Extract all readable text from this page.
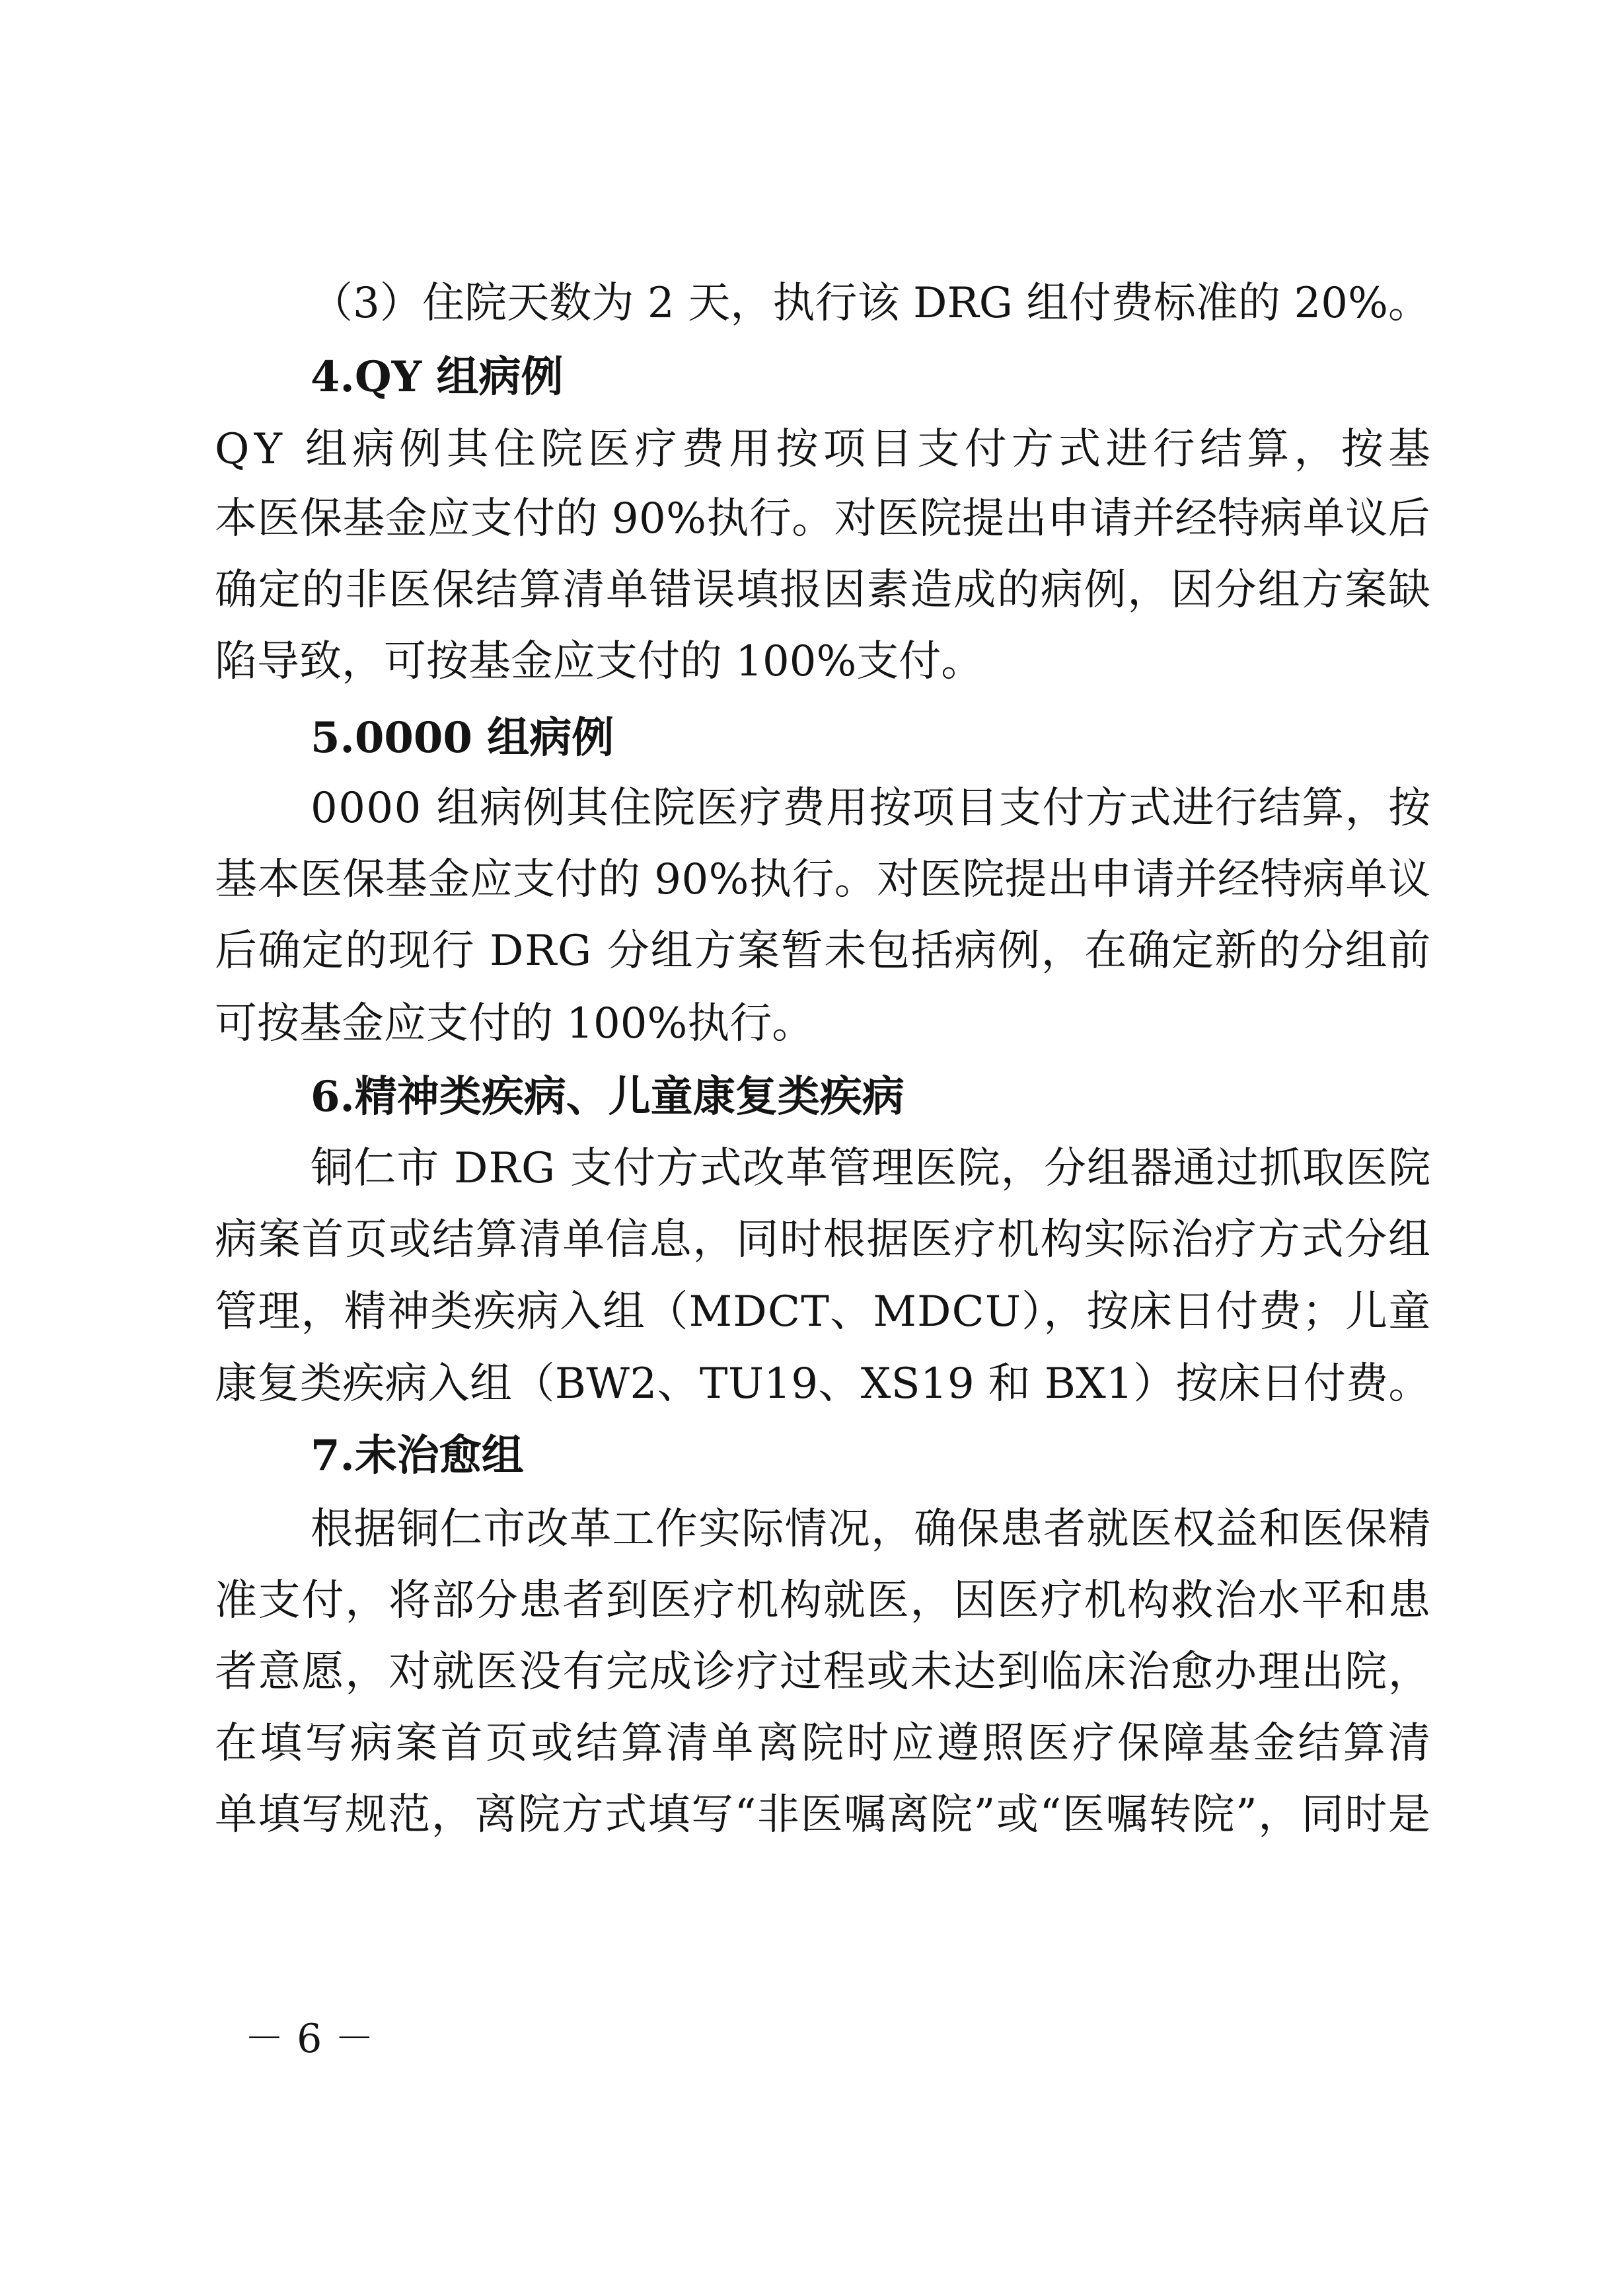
（3）住院天数为 2 天，执行该 DRG 组付费标准的 20%。

4.QY 组病例

QY 组病例其住院医疗费用按项目支付方式进行结算，按基

本医保基金应支付的 90%执行。对医院提出申请并经特病单议后

确定的非医保结算清单错误填报因素造成的病例，因分组方案缺

陷导致，可按基金应支付的 100%支付。

5.0000 组病例

0000 组病例其住院医疗费用按项目支付方式进行结算，按

基本医保基金应支付的 90%执行。对医院提出申请并经特病单议

后确定的现行 DRG 分组方案暂未包括病例，在确定新的分组前

可按基金应支付的 100%执行。

6.精神类疾病、儿童康复类疾病

铜仁市 DRG 支付方式改革管理医院，分组器通过抓取医院

病案首页或结算清单信息，同时根据医疗机构实际治疗方式分组

管理，精神类疾病入组（MDCT、MDCU），按床日付费；儿童

康复类疾病入组（BW2、TU19、XS19 和 BX1）按床日付费。

7.未治愈组

根据铜仁市改革工作实际情况，确保患者就医权益和医保精

准支付，将部分患者到医疗机构就医，因医疗机构救治水平和患

者意愿，对就医没有完成诊疗过程或未达到临床治愈办理出院，

在填写病案首页或结算清单离院时应遵照医疗保障基金结算清

单填写规范，离院方式填写“非医嘱离院”或“医嘱转院”，同时是

－ 6 －
